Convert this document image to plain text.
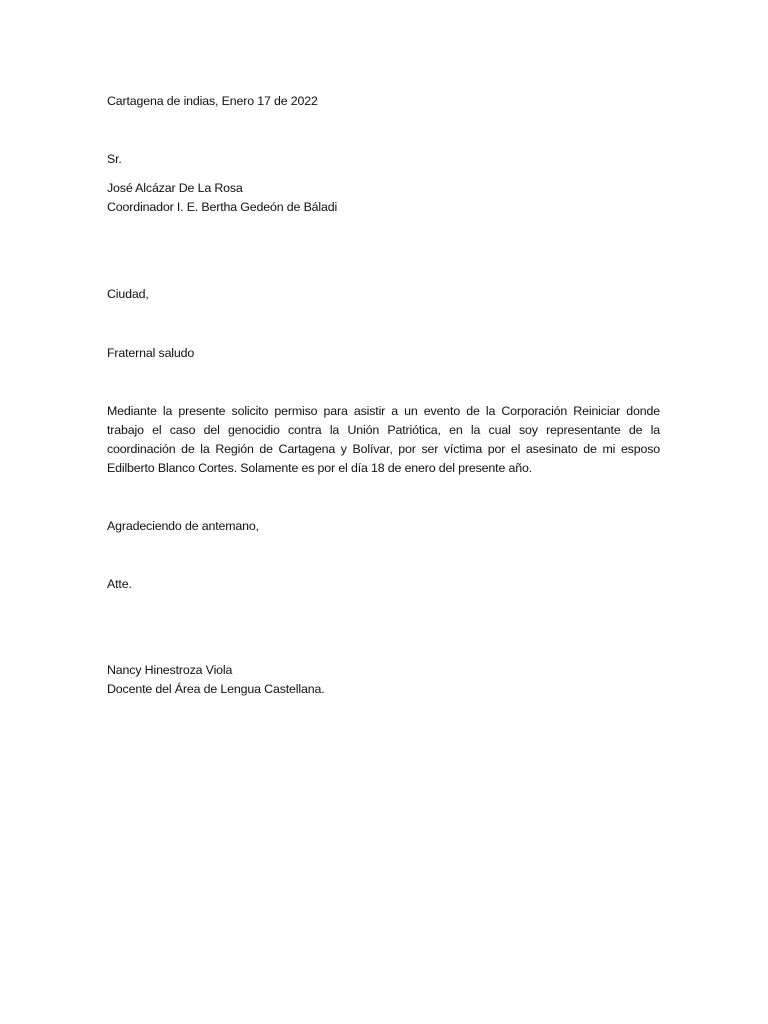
Cartagena de indias, Enero 17 de 2022
Sr.
José Alcázar De La Rosa
Coordinador I. E. Bertha Gedeón de Báladi
Ciudad,
Fraternal saludo
Mediante la presente solicito permiso para asistir a un evento de la Corporación Reiniciar donde
trabajo el caso del genocidio contra la Unión Patriótica, en la cual soy representante de la
coordinación de la Región de Cartagena y Bolívar, por ser víctima por el asesinato de mi esposo
Edilberto Blanco Cortes. Solamente es por el día 18 de enero del presente año.
Agradeciendo de antemano,
Atte.
Nancy Hinestroza Viola
Docente del Área de Lengua Castellana.
